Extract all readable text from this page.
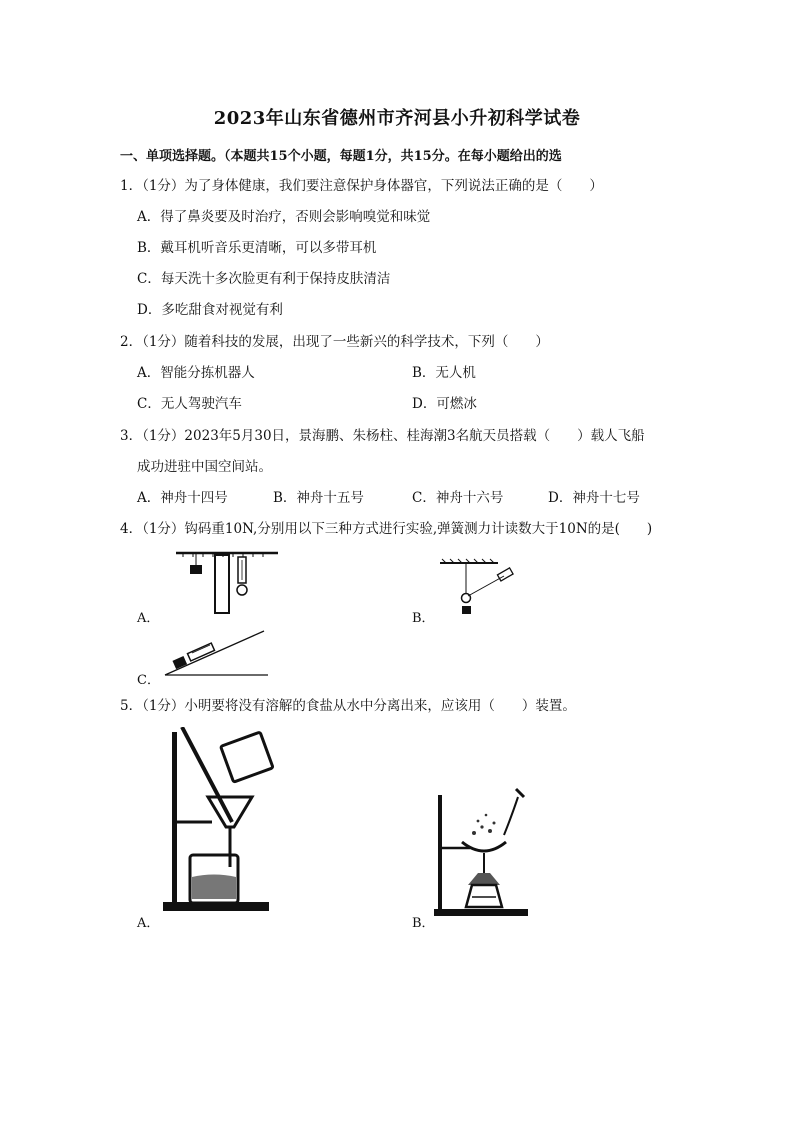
2023年山东省德州市齐河县小升初科学试卷
一、单项选择题。（本题共15个小题，每题1分，共15分。在每小题给出的选
1．（1分）为了身体健康，我们要注意保护身体器官，下列说法正确的是（　　）
A．得了鼻炎要及时治疗，否则会影响嗅觉和味觉
B．戴耳机听音乐更清晰，可以多带耳机
C．每天洗十多次脸更有利于保持皮肤清洁
D．多吃甜食对视觉有利
2．（1分）随着科技的发展，出现了一些新兴的科学技术，下列（　　）
A．智能分拣机器人	B．无人机
C．无人驾驶汽车	D．可燃冰
3．（1分）2023年5月30日，景海鹏、朱杨柱、桂海潮3名航天员搭载（　　）载人飞船
成功进驻中国空间站。
A．神舟十四号	B．神舟十五号	C．神舟十六号	D．神舟十七号
4．（1分）钩码重10N,分别用以下三种方式进行实验,弹簧测力计读数大于10N的是(　　)
A．	B．
C．
5．（1分）小明要将没有溶解的食盐从水中分离出来，应该用（　　）装置。
A．	B．
